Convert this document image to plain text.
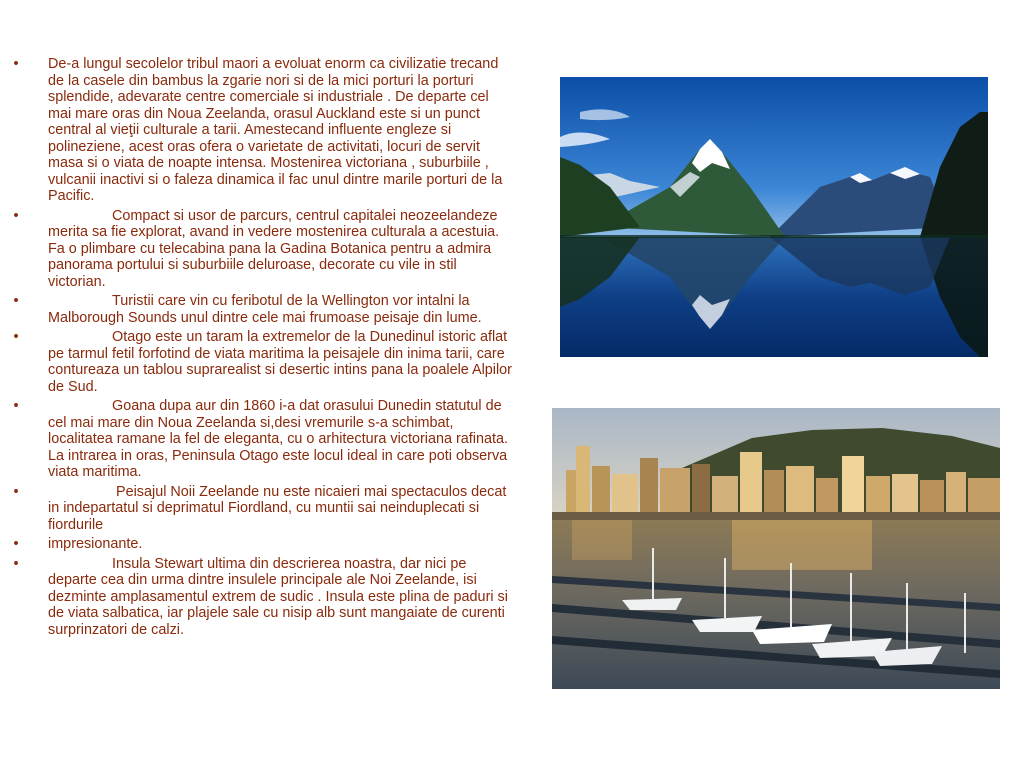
• De-a lungul secolelor tribul maori a evoluat enorm ca civilizatie trecand de la casele din bambus la zgarie nori si de la mici porturi la porturi splendide, adevarate centre comerciale si industriale . De departe cel mai mare oras din Noua Zeelanda, orasul Auckland este si un punct central al vieţii culturale a tarii. Amestecand influente engleze si polineziene, acest oras ofera o varietate de activitati, locuri de servit masa si o viata de noapte intensa. Mostenirea victoriana , suburbiile , vulcanii inactivi si o faleza dinamica il fac unul dintre marile porturi de la Pacific.
•	Compact si usor de parcurs, centrul capitalei neozeelandeze merita sa fie explorat, avand in vedere mostenirea culturala a acestuia. Fa o plimbare cu telecabina pana la Gadina Botanica pentru a admira panorama portului si suburbiile deluroase, decorate cu vile in stil victorian.
•	Turistii care vin cu feribotul de la Wellington vor intalni la Malborough Sounds unul dintre cele mai frumoase peisaje din lume.
•	Otago este un taram la extremelor de la Dunedinul istoric aflat pe tarmul fetil forfotind de viata maritima la peisajele din inima tarii, care contureaza un tablou suprarealist si desertic intins pana la poalele Alpilor de Sud.
•	Goana dupa aur din 1860 i-a dat orasului Dunedin statutul de cel mai mare din Noua Zeelanda si,desi vremurile s-a schimbat, localitatea ramane la fel de eleganta, cu o arhitectura victoriana rafinata. La intrarea in oras, Peninsula Otago este locul ideal in care poti observa viata maritima.
•	Peisajul Noii Zeelande nu este nicaieri mai spectaculos decat in indepartatul si deprimatul Fiordland, cu muntii sai neinduplecati si fiordurile
• impresionante.
•	Insula Stewart ultima din descrierea noastra, dar nici pe departe cea din urma dintre insulele principale ale Noi Zeelande, isi dezminte amplasamentul extrem de sudic . Insula este plina de paduri si de viata salbatica, iar plajele sale cu nisip alb sunt mangaiate de curenti surprinzatori de calzi.
